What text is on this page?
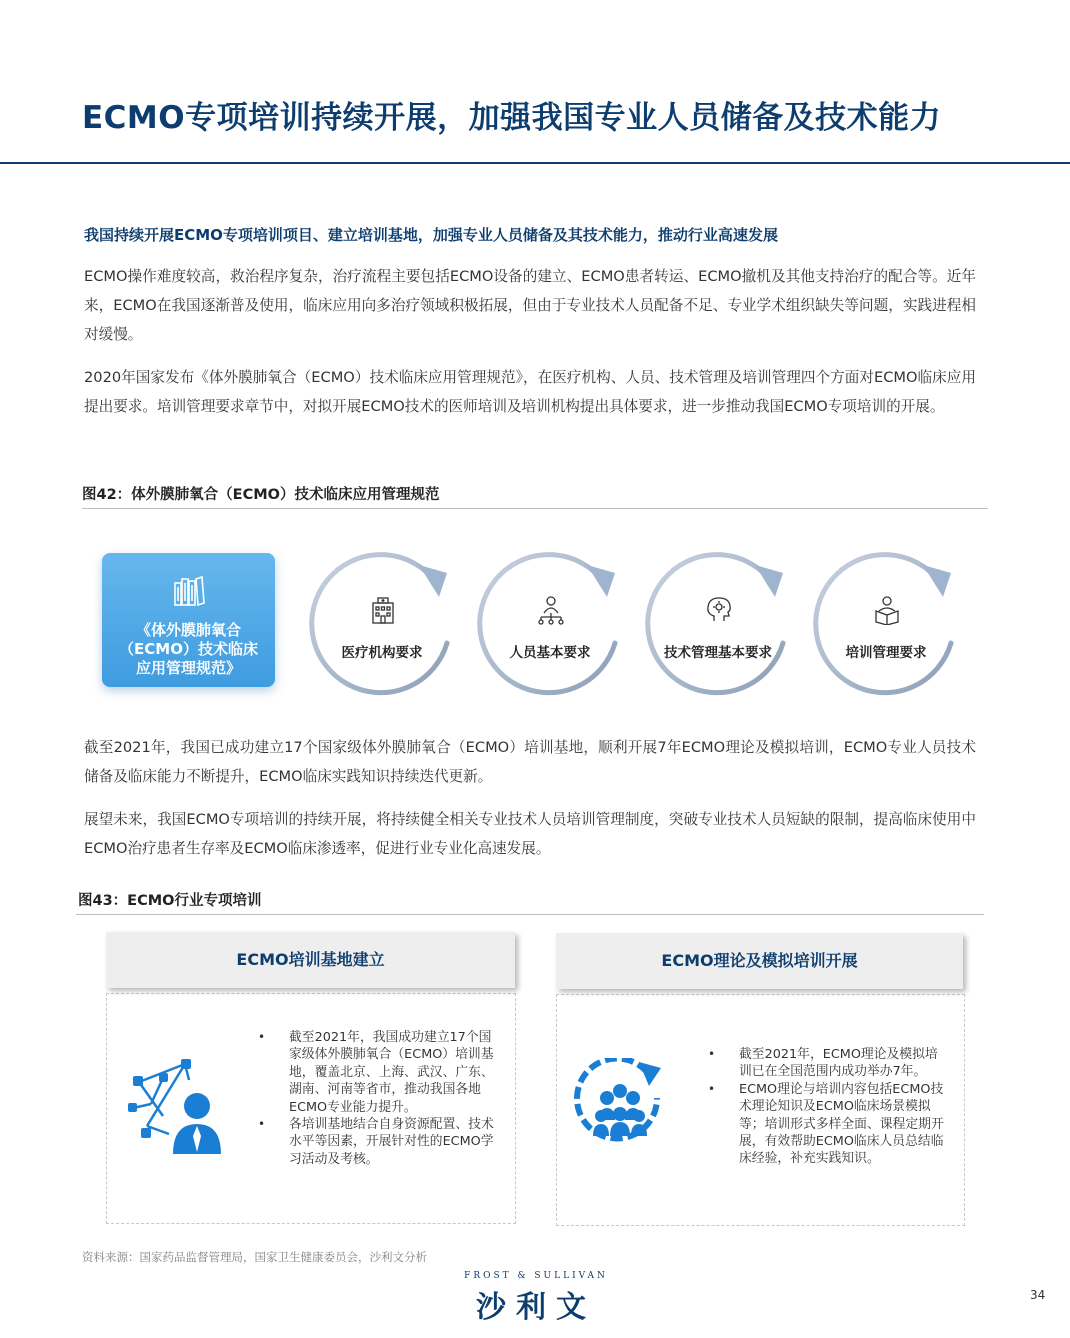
ECMO专项培训持续开展，加强我国专业人员储备及技术能力
我国持续开展ECMO专项培训项目、建立培训基地，加强专业人员储备及其技术能力，推动行业高速发展

ECMO操作难度较高，救治程序复杂，治疗流程主要包括ECMO设备的建立、ECMO患者转运、ECMO撤机及其他支持治疗的配合等。近年来，ECMO在我国逐渐普及使用，临床应用向多治疗领域积极拓展，但由于专业技术人员配备不足、专业学术组织缺失等问题，实践进程相对缓慢。

2020年国家发布《体外膜肺氧合（ECMO）技术临床应用管理规范》，在医疗机构、人员、技术管理及培训管理四个方面对ECMO临床应用提出要求。培训管理要求章节中，对拟开展ECMO技术的医师培训及培训机构提出具体要求，进一步推动我国ECMO专项培训的开展。

图42：体外膜肺氧合（ECMO）技术临床应用管理规范
《体外膜肺氧合（ECMO）技术临床应用管理规范》
医疗机构要求	人员基本要求	技术管理基本要求	培训管理要求

截至2021年，我国已成功建立17个国家级体外膜肺氧合（ECMO）培训基地，顺利开展7年ECMO理论及模拟培训，ECMO专业人员技术储备及临床能力不断提升，ECMO临床实践知识持续迭代更新。

展望未来，我国ECMO专项培训的持续开展，将持续健全相关专业技术人员培训管理制度，突破专业技术人员短缺的限制，提高临床使用中ECMO治疗患者生存率及ECMO临床渗透率，促进行业专业化高速发展。

图43：ECMO行业专项培训
ECMO培训基地建立
• 截至2021年，我国成功建立17个国家级体外膜肺氧合（ECMO）培训基地，覆盖北京、上海、武汉、广东、湖南、河南等省市，推动我国各地ECMO专业能力提升。
• 各培训基地结合自身资源配置、技术水平等因素，开展针对性的ECMO学习活动及考核。
ECMO理论及模拟培训开展
• 截至2021年，ECMO理论及模拟培训已在全国范围内成功举办7年。
• ECMO理论与培训内容包括ECMO技术理论知识及ECMO临床场景模拟等；培训形式多样全面、课程定期开展，有效帮助ECMO临床人员总结临床经验，补充实践知识。
资料来源：国家药品监督管理局，国家卫生健康委员会，沙利文分析
FROST & SULLIVAN
沙利文	34
